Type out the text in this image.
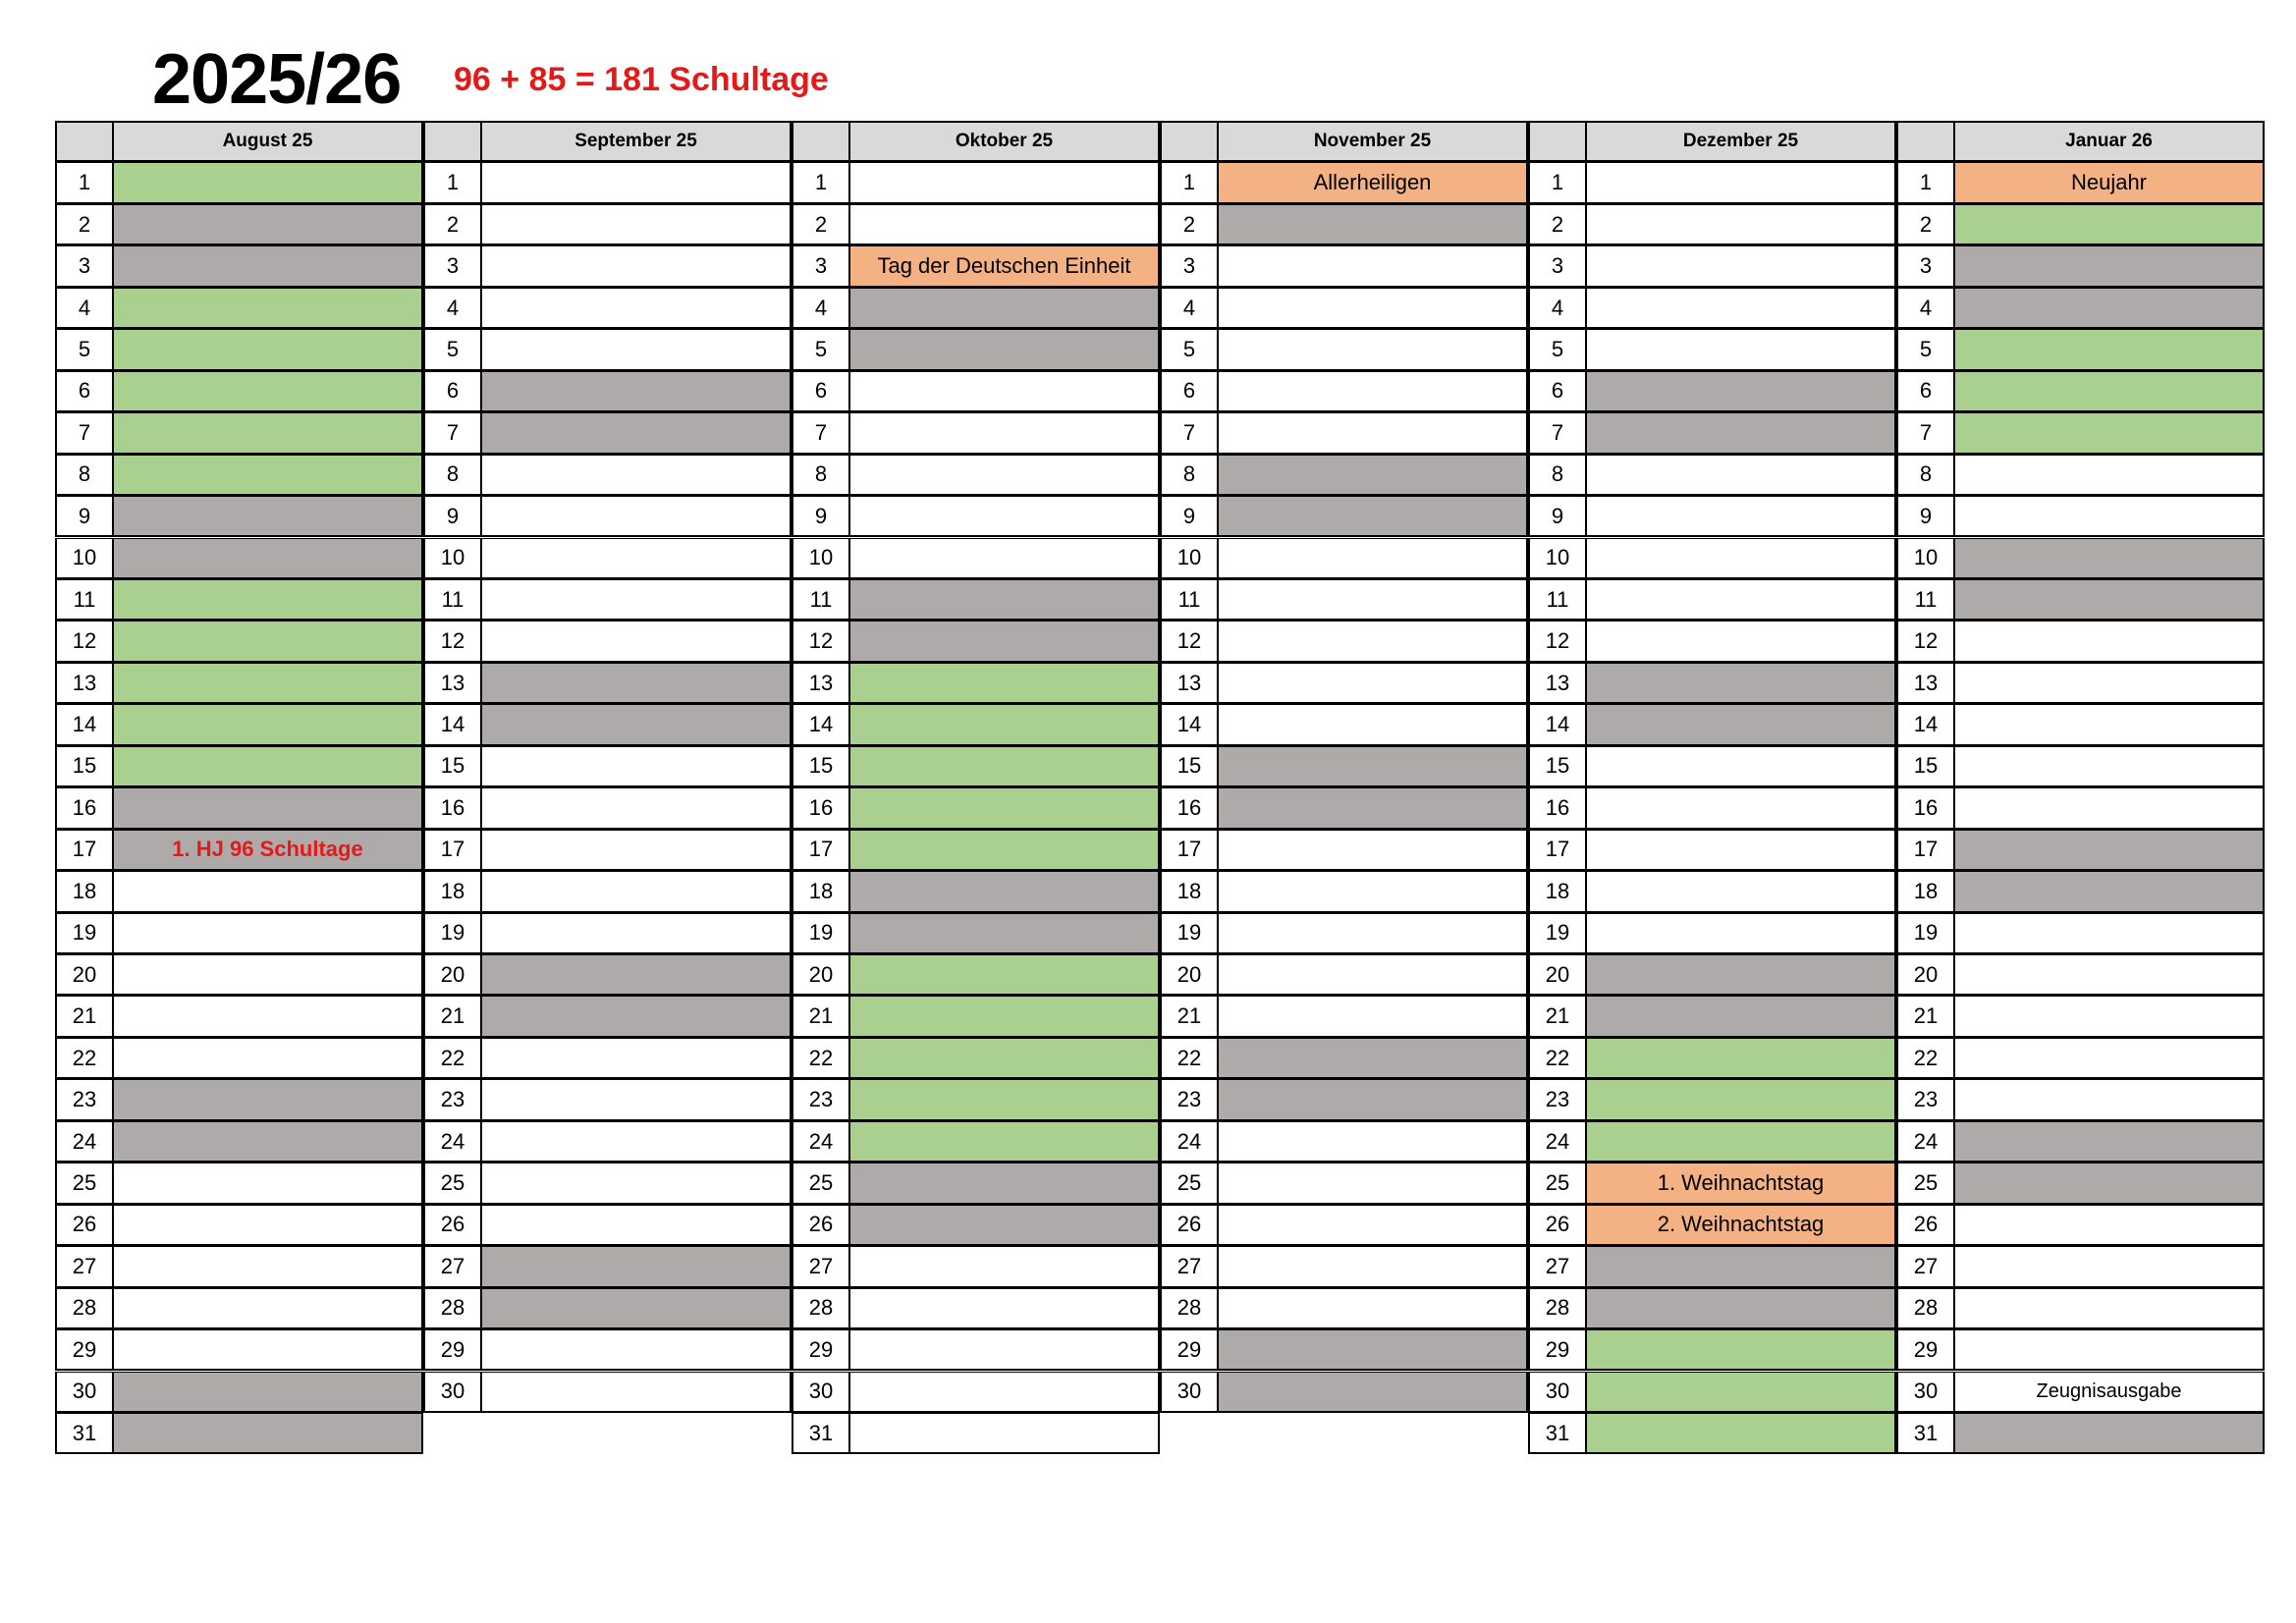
2025/26 96 + 85 = 181 Schultage
August 25
1
2
3
4
5
6
7
8
9
10
11
12
13
14
15
16
17	1. HJ 96 Schultage
18
19
20
21
22
23
24
25
26
27
28
29
30
31
September 25
1
2
3
4
5
6
7
8
9
10
11
12
13
14
15
16
17
18
19
20
21
22
23
24
25
26
27
28
29
30
Oktober 25
1
2
3	Tag der Deutschen Einheit
4
5
6
7
8
9
10
11
12
13
14
15
16
17
18
19
20
21
22
23
24
25
26
27
28
29
30
31
November 25
1	Allerheiligen
2
3
4
5
6
7
8
9
10
11
12
13
14
15
16
17
18
19
20
21
22
23
24
25
26
27
28
29
30
Dezember 25
1
2
3
4
5
6
7
8
9
10
11
12
13
14
15
16
17
18
19
20
21
22
23
24
25	1. Weihnachtstag
26	2. Weihnachtstag
27
28
29
30
31
Januar 26
1	Neujahr
2
3
4
5
6
7
8
9
10
11
12
13
14
15
16
17
18
19
20
21
22
23
24
25
26
27
28
29
30	Zeugnisausgabe
31
